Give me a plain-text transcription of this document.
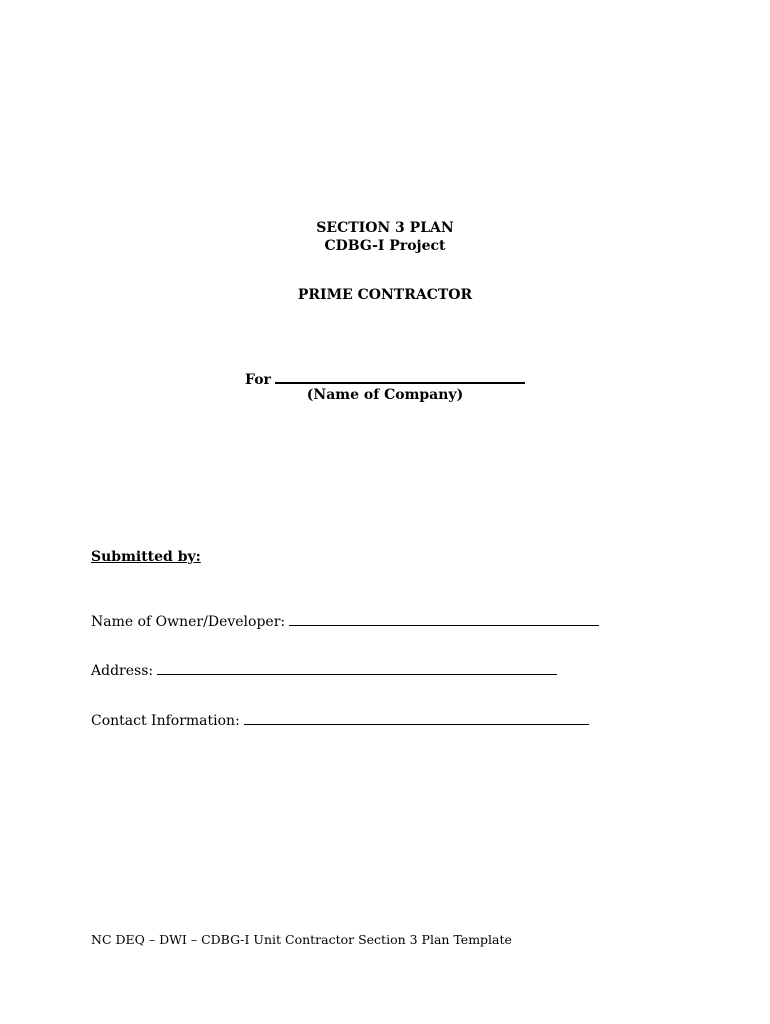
SECTION 3 PLAN
CDBG-I Project
PRIME CONTRACTOR
For
(Name of Company)
Submitted by:
Name of Owner/Developer:
Address:
Contact Information:
NC DEQ – DWI – CDBG-I Unit Contractor Section 3 Plan Template
